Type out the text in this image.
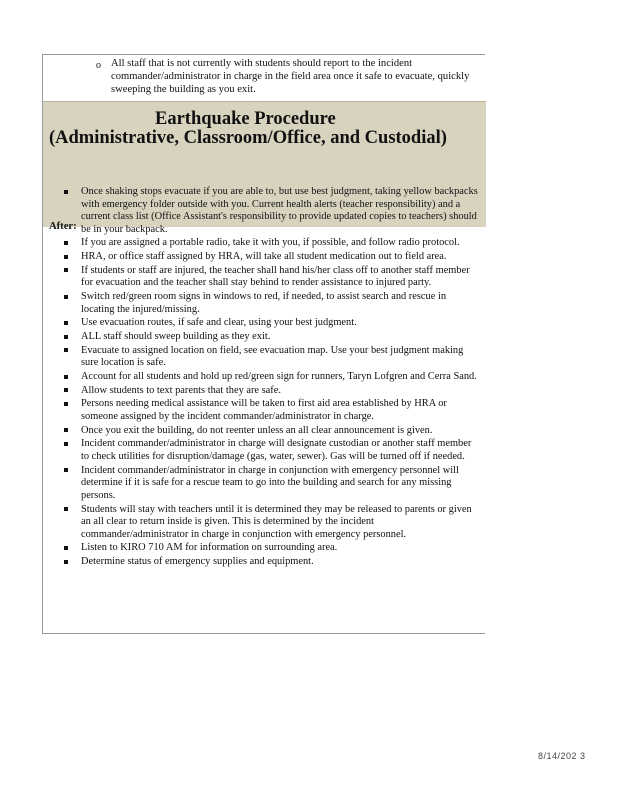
o All staff that is not currently with students should report to the incident commander/administrator in charge in the field area once it safe to evacuate, quickly sweeping the building as you exit.
Earthquake Procedure
(Administrative, Classroom/Office, and Custodial)
After:
Once shaking stops evacuate if you are able to, but use best judgment, taking yellow backpacks with emergency folder outside with you. Current health alerts (teacher responsibility) and a current class list (Office Assistant's responsibility to provide updated copies to teachers) should be in your backpack.
If you are assigned a portable radio, take it with you, if possible, and follow radio protocol.
HRA, or office staff assigned by HRA, will take all student medication out to field area.
If students or staff are injured, the teacher shall hand his/her class off to another staff member for evacuation and the teacher shall stay behind to render assistance to injured party.
Switch red/green room signs in windows to red, if needed, to assist search and rescue in locating the injured/missing.
Use evacuation routes, if safe and clear, using your best judgment.
ALL staff should sweep building as they exit.
Evacuate to assigned location on field, see evacuation map. Use your best judgment making sure location is safe.
Account for all students and hold up red/green sign for runners, Taryn Lofgren and Cerra Sand.
Allow students to text parents that they are safe.
Persons needing medical assistance will be taken to first aid area established by HRA or someone assigned by the incident commander/administrator in charge.
Once you exit the building, do not reenter unless an all clear announcement is given.
Incident commander/administrator in charge will designate custodian or another staff member to check utilities for disruption/damage (gas, water, sewer). Gas will be turned off if needed.
Incident commander/administrator in charge in conjunction with emergency personnel will determine if it is safe for a rescue team to go into the building and search for any missing persons.
Students will stay with teachers until it is determined they may be released to parents or given an all clear to return inside is given. This is determined by the incident commander/administrator in charge in conjunction with emergency personnel.
Listen to KIRO 710 AM for information on surrounding area.
Determine status of emergency supplies and equipment.
8/14/202 3
